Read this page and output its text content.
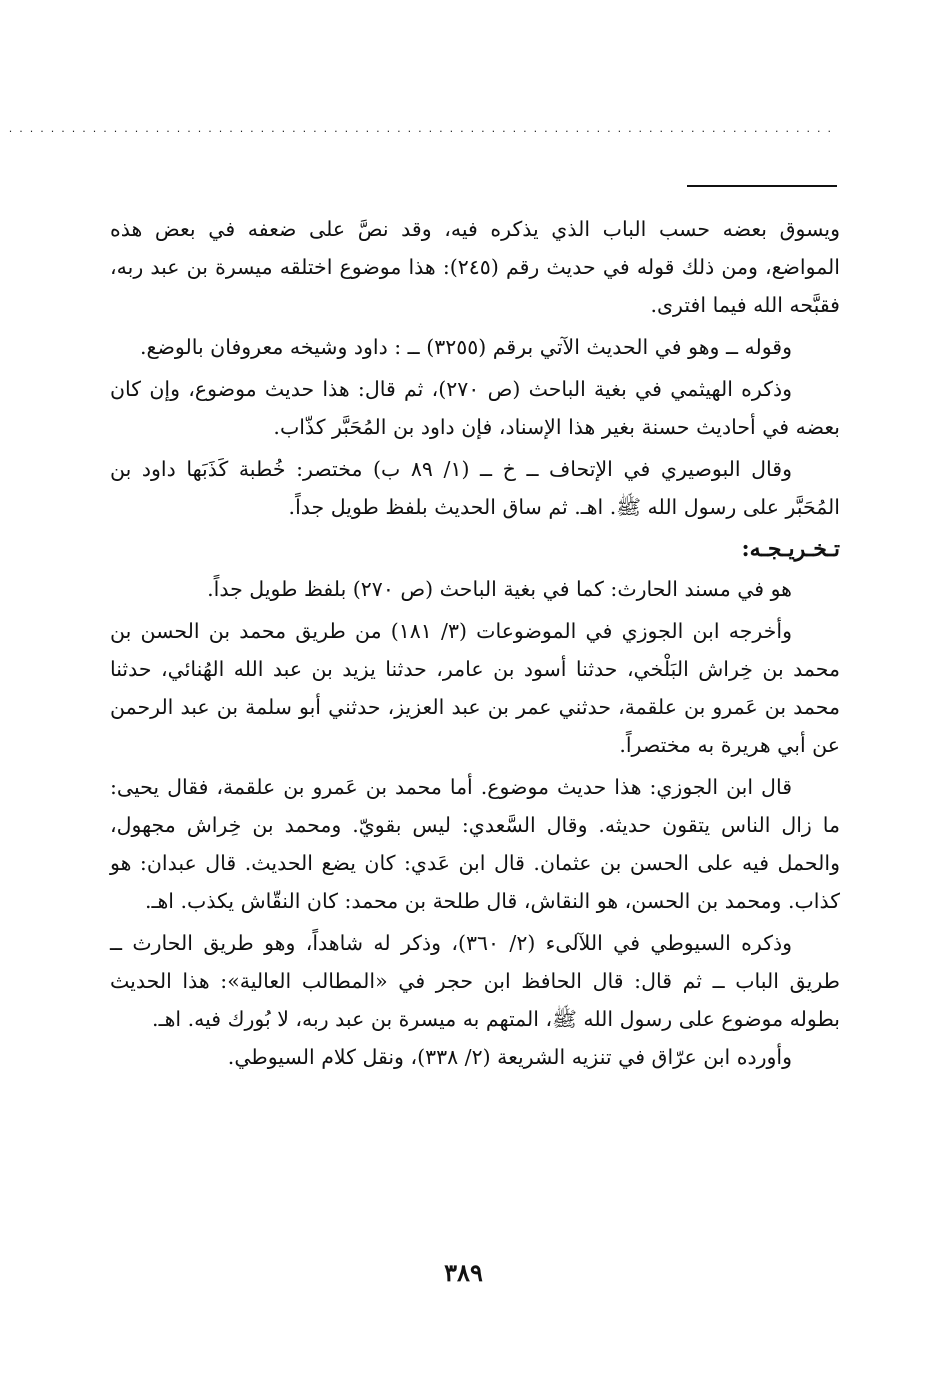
...............................................................................

ويسوق بعضه حسب الباب الذي يذكره فيه، وقد نصَّ على ضعفه في بعض هذه المواضع، ومن ذلك قوله في حديث رقم (٢٤٥): هذا موضوع اختلقه ميسرة بن عبد ربه، فقبَّحه الله فيما افترى.

وقوله ــ وهو في الحديث الآتي برقم (٣٢٥٥) ــ : داود وشيخه معروفان بالوضع.

وذكره الهيثمي في بغية الباحث (ص ٢٧٠)، ثم قال: هذا حديث موضوع، وإن كان بعضه في أحاديث حسنة بغير هذا الإسناد، فإن داود بن المُحَبَّر كذّاب.

وقال البوصيري في الإتحاف ــ خ ــ (١/ ٨٩ ب) مختصر: خُطبة كَذَبَها داود بن المُحَبَّر على رسول الله ﷺ. اهـ. ثم ساق الحديث بلفظ طويل جداً.

تـخـريـجـه:

هو في مسند الحارث: كما في بغية الباحث (ص ٢٧٠) بلفظ طويل جداً.

وأخرجه ابن الجوزي في الموضوعات (٣/ ١٨١) من طريق محمد بن الحسن بن محمد بن خِراش البَلْخي، حدثنا أسود بن عامر، حدثنا يزيد بن عبد الله الهُنائي، حدثنا محمد بن عَمرو بن علقمة، حدثني عمر بن عبد العزيز، حدثني أبو سلمة بن عبد الرحمن عن أبي هريرة به مختصراً.

قال ابن الجوزي: هذا حديث موضوع. أما محمد بن عَمرو بن علقمة، فقال يحيى: ما زال الناس يتقون حديثه. وقال السَّعدي: ليس بقويّ. ومحمد بن خِراش مجهول، والحمل فيه على الحسن بن عثمان. قال ابن عَدي: كان يضع الحديث. قال عبدان: هو كذاب. ومحمد بن الحسن، هو النقاش، قال طلحة بن محمد: كان النقّاش يكذب. اهـ.

وذكره السيوطي في اللآلىء (٢/ ٣٦٠)، وذكر له شاهداً، وهو طريق الحارث ــ طريق الباب ــ ثم قال: قال الحافظ ابن حجر في «المطالب العالية»: هذا الحديث بطوله موضوع على رسول الله ﷺ، المتهم به ميسرة بن عبد ربه، لا بُورك فيه. اهـ.

وأورده ابن عرّاق في تنزيه الشريعة (٢/ ٣٣٨)، ونقل كلام السيوطي.

٣٨٩
